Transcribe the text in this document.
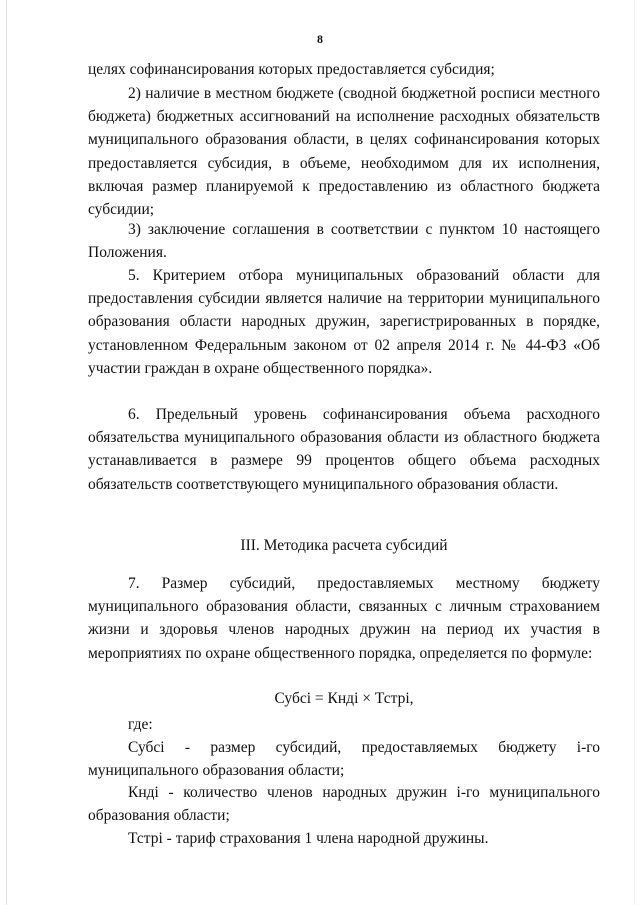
8

целях софинансирования которых предоставляется субсидия;

2) наличие в местном бюджете (сводной бюджетной росписи местного бюджета) бюджетных ассигнований на исполнение расходных обязательств муниципального образования области, в целях софинансирования которых предоставляется субсидия, в объеме, необходимом для их исполнения, включая размер планируемой к предоставлению из областного бюджета субсидии;

3) заключение соглашения в соответствии с пунктом 10 настоящего Положения.

5. Критерием отбора муниципальных образований области для предоставления субсидии является наличие на территории муниципального образования области народных дружин, зарегистрированных в порядке, установленном Федеральным законом от 02 апреля 2014 г. № 44-ФЗ «Об участии граждан в охране общественного порядка».

6. Предельный уровень софинансирования объема расходного обязательства муниципального образования области из областного бюджета устанавливается в размере 99 процентов общего объема расходных обязательств соответствующего муниципального образования области.

III. Методика расчета субсидий

7. Размер субсидий, предоставляемых местному бюджету муниципального образования области, связанных с личным страхованием жизни и здоровья членов народных дружин на период их участия в мероприятиях по охране общественного порядка, определяется по формуле:

Субсі = Кндi × Тстрi,

где:

Субсі - размер субсидий, предоставляемых бюджету i-го муниципального образования области;

Кндi - количество членов народных дружин i-го муниципального образования области;

Тстрi - тариф страхования 1 члена народной дружины.
